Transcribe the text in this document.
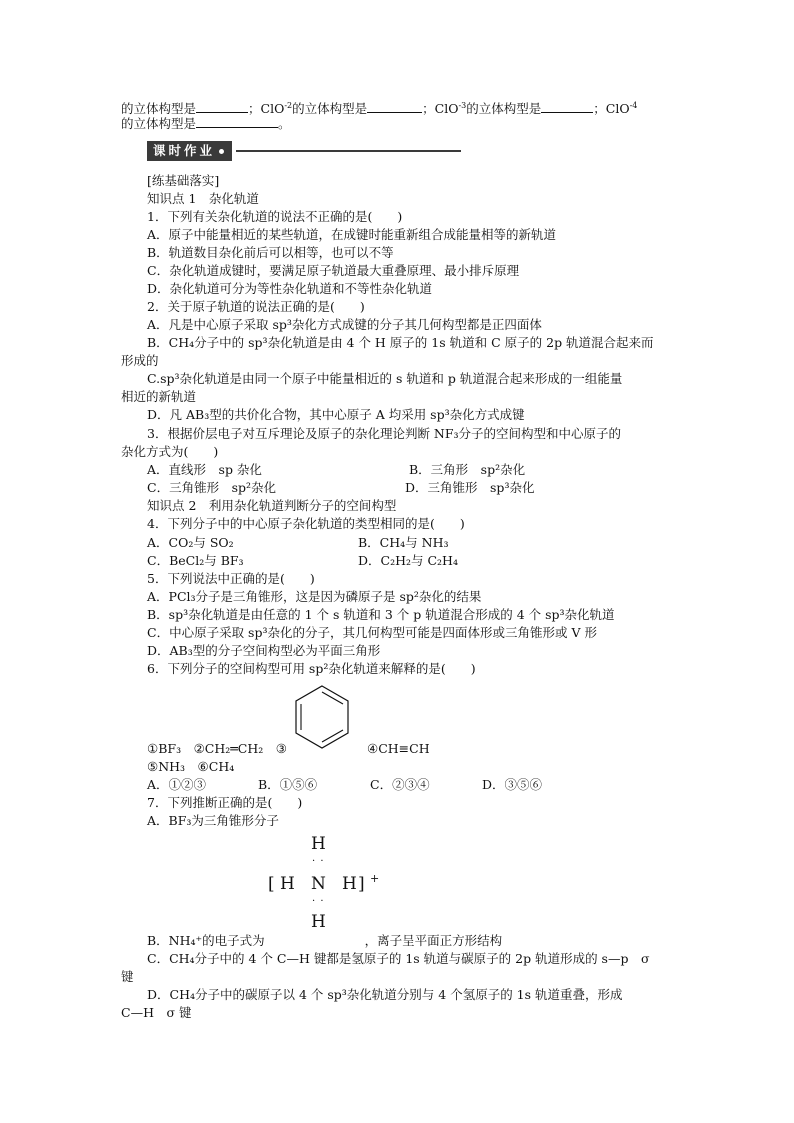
的立体构型是	；ClO$^{-2}$的立体构型是	；ClO$^{-3}$的立体构型是	；ClO$^{-4}$
的立体构型是	。
课时作业
[练基础落实]
知识点 1　杂化轨道
1．下列有关杂化轨道的说法不正确的是(　　)
A．原子中能量相近的某些轨道，在成键时能重新组合成能量相等的新轨道
B．轨道数目杂化前后可以相等，也可以不等
C．杂化轨道成键时，要满足原子轨道最大重叠原理、最小排斥原理
D．杂化轨道可分为等性杂化轨道和不等性杂化轨道
2．关于原子轨道的说法正确的是(　　)
A．凡是中心原子采取 sp³杂化方式成键的分子其几何构型都是正四面体
B．CH₄分子中的 sp³杂化轨道是由 4 个 H 原子的 1s 轨道和 C 原子的 2p 轨道混合起来而
形成的
C.sp³杂化轨道是由同一个原子中能量相近的 s 轨道和 p 轨道混合起来形成的一组能量
相近的新轨道
D．凡 AB₃型的共价化合物，其中心原子 A 均采用 sp³杂化方式成键
3．根据价层电子对互斥理论及原子的杂化理论判断 NF₃分子的空间构型和中心原子的
杂化方式为(　　)
A．直线形　sp 杂化	B．三角形　sp²杂化
C．三角锥形　sp²杂化	D．三角锥形　sp³杂化
知识点 2　利用杂化轨道判断分子的空间构型
4．下列分子中的中心原子杂化轨道的类型相同的是(　　)
A．CO₂与 SO₂	B．CH₄与 NH₃
C．BeCl₂与 BF₃	D．C₂H₂与 C₂H₄
5．下列说法中正确的是(　　)
A．PCl₃分子是三角锥形，这是因为磷原子是 sp²杂化的结果
B．sp³杂化轨道是由任意的 1 个 s 轨道和 3 个 p 轨道混合形成的 4 个 sp³杂化轨道
C．中心原子采取 sp³杂化的分子，其几何构型可能是四面体形或三角锥形或 V 形
D．AB₃型的分子空间构型必为平面三角形
6．下列分子的空间构型可用 sp²杂化轨道来解释的是(　　)
①BF₃　②CH₂═CH₂　③	④CH≡CH
⑤NH₃　⑥CH₄
A．①②③	B．①⑤⑥	C．②③④	D．③⑤⑥
7．下列推断正确的是(　　)
A．BF₃为三角锥形分子
H
· ·
[ H N H ] +
· ·
H
B．NH₄⁺的电子式为　　　　　　　　，离子呈平面正方形结构
C．CH₄分子中的 4 个 C—H 键都是氢原子的 1s 轨道与碳原子的 2p 轨道形成的 s—p　σ
键
D．CH₄分子中的碳原子以 4 个 sp³杂化轨道分别与 4 个氢原子的 1s 轨道重叠，形成
C—H　σ 键
